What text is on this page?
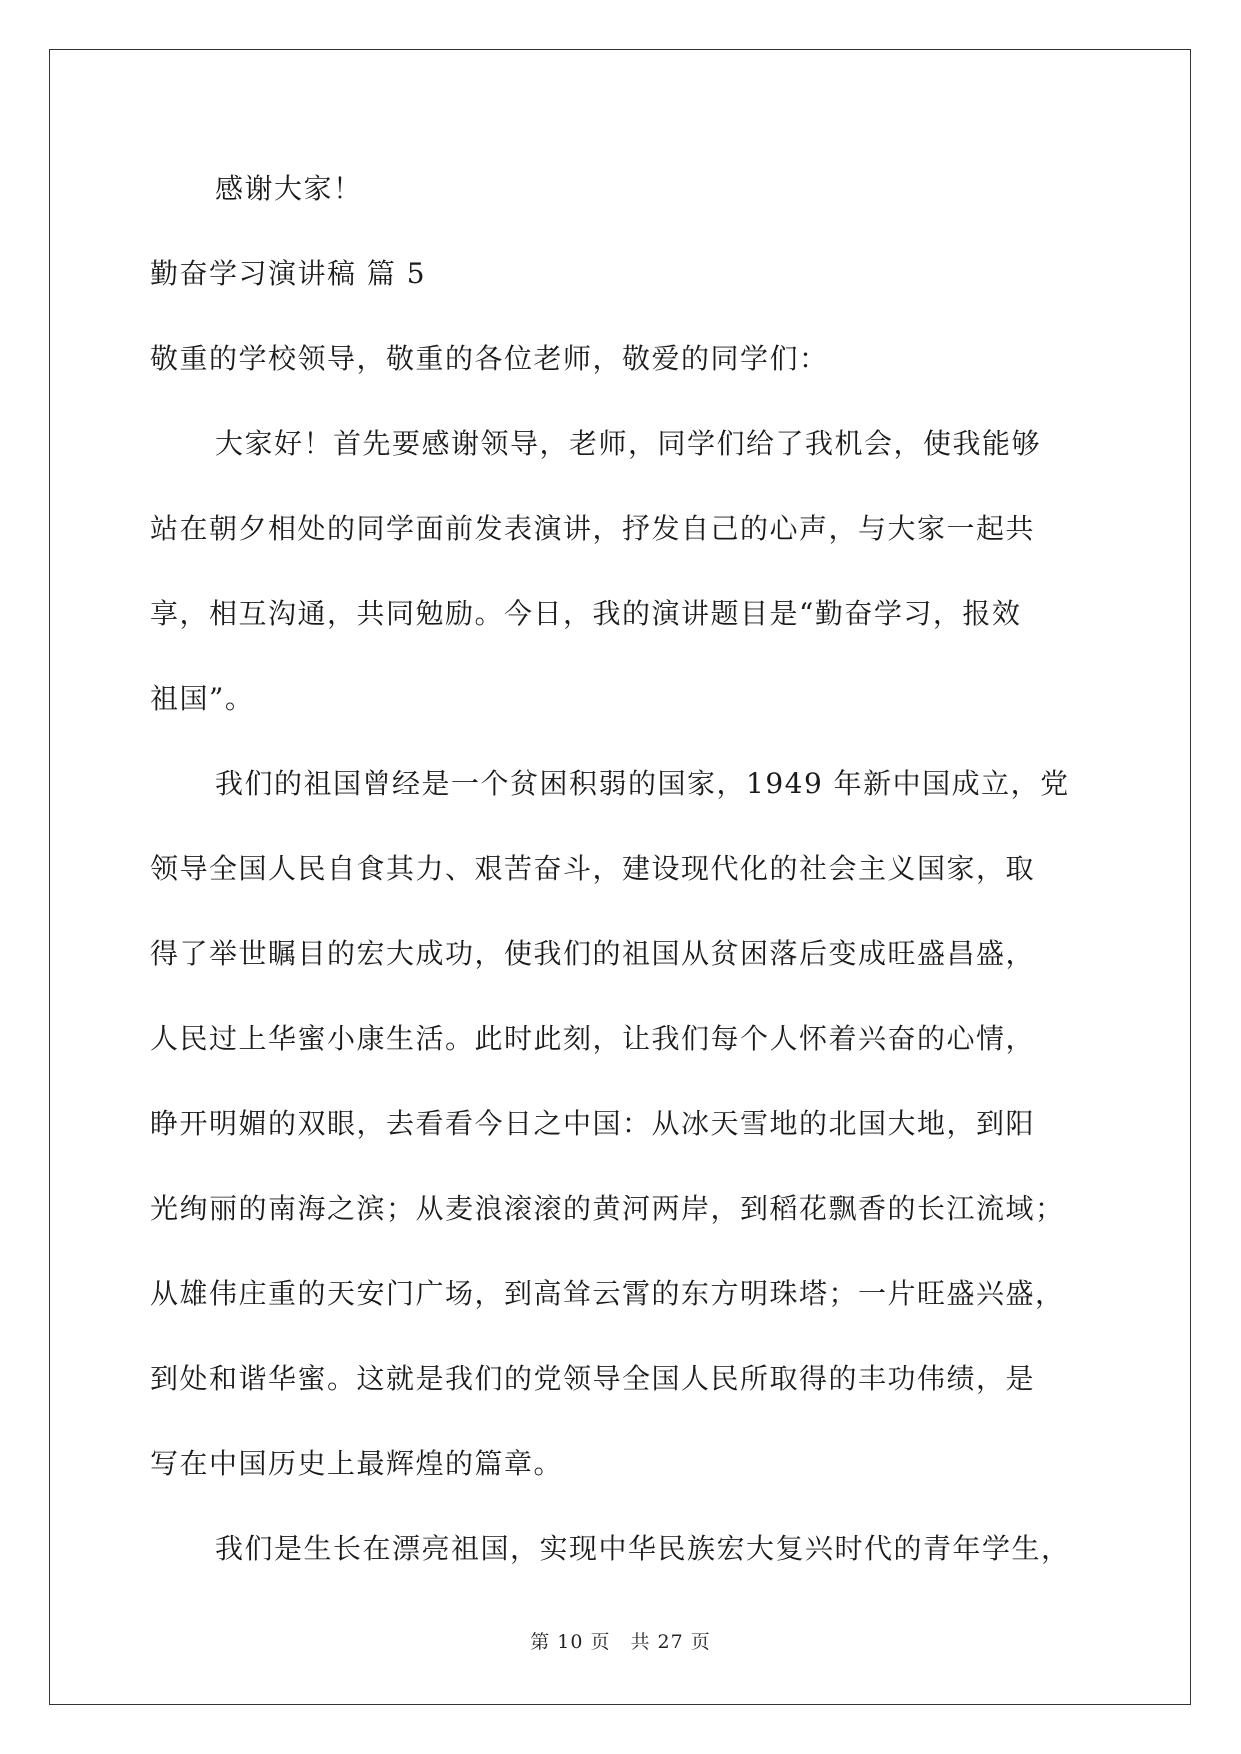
感谢大家！
勤奋学习演讲稿 篇 5
敬重的学校领导，敬重的各位老师，敬爱的同学们：
大家好！首先要感谢领导，老师，同学们给了我机会，使我能够
站在朝夕相处的同学面前发表演讲，抒发自己的心声，与大家一起共
享，相互沟通，共同勉励。今日，我的演讲题目是“勤奋学习，报效
祖国”。
我们的祖国曾经是一个贫困积弱的国家，1949 年新中国成立，党
领导全国人民自食其力、艰苦奋斗，建设现代化的社会主义国家，取
得了举世瞩目的宏大成功，使我们的祖国从贫困落后变成旺盛昌盛，
人民过上华蜜小康生活。此时此刻，让我们每个人怀着兴奋的心情，
睁开明媚的双眼，去看看今日之中国：从冰天雪地的北国大地，到阳
光绚丽的南海之滨；从麦浪滚滚的黄河两岸，到稻花飘香的长江流域；
从雄伟庄重的天安门广场，到高耸云霄的东方明珠塔；一片旺盛兴盛，
到处和谐华蜜。这就是我们的党领导全国人民所取得的丰功伟绩，是
写在中国历史上最辉煌的篇章。
我们是生长在漂亮祖国，实现中华民族宏大复兴时代的青年学生，
第 10 页　共 27 页
